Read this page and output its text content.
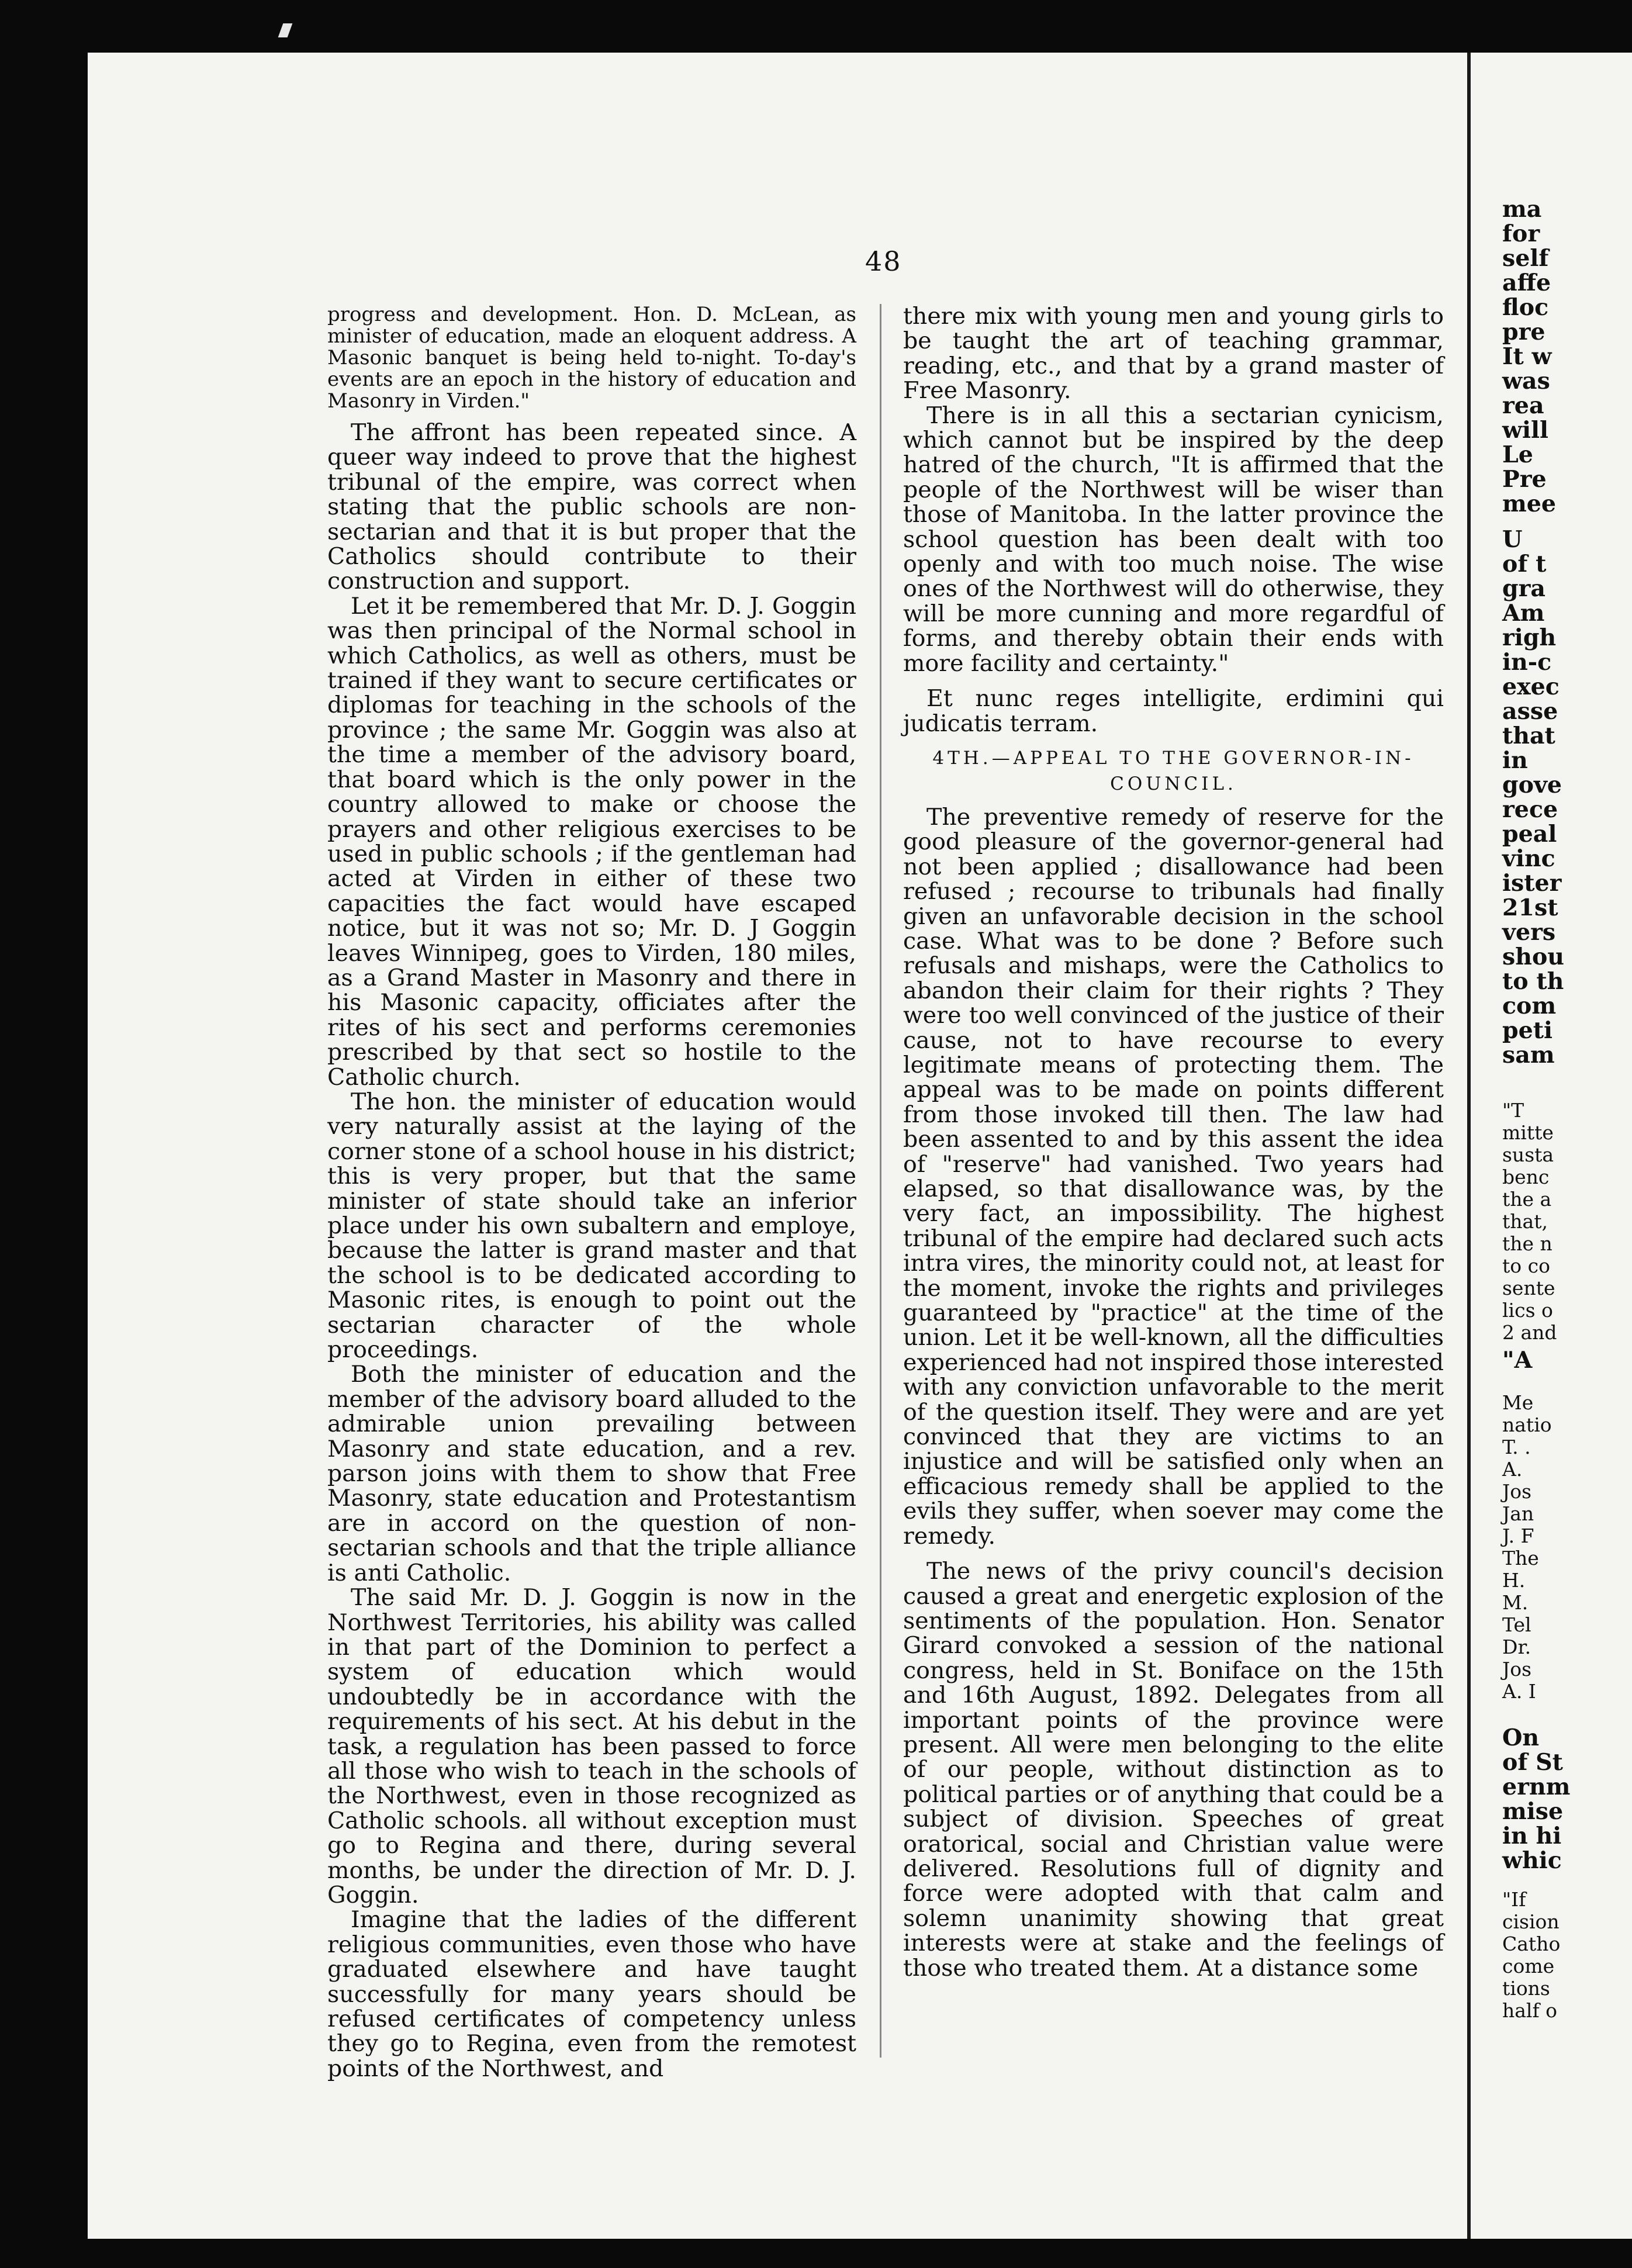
48

progress and development. Hon. D. McLean, as minister of education, made an eloquent address. A Masonic banquet is being held to-night. To-day's events are an epoch in the history of education and Masonry in Virden."

The affront has been repeated since. A queer way indeed to prove that the highest tribunal of the empire, was correct when stating that the public schools are non-sectarian and that it is but proper that the Catholics should contribute to their construction and support.

Let it be remembered that Mr. D. J. Goggin was then principal of the Normal school in which Catholics, as well as others, must be trained if they want to secure certificates or diplomas for teaching in the schools of the province ; the same Mr. Goggin was also at the time a member of the advisory board, that board which is the only power in the country allowed to make or choose the prayers and other religious exercises to be used in public schools ; if the gentleman had acted at Virden in either of these two capacities the fact would have escaped notice, but it was not so; Mr. D. J Goggin leaves Winnipeg, goes to Virden, 180 miles, as a Grand Master in Masonry and there in his Masonic capacity, officiates after the rites of his sect and performs ceremonies prescribed by that sect so hostile to the Catholic church.

The hon. the minister of education would very naturally assist at the laying of the corner stone of a school house in his district; this is very proper, but that the same minister of state should take an inferior place under his own subaltern and employe, because the latter is grand master and that the school is to be dedicated according to Masonic rites, is enough to point out the sectarian character of the whole proceedings.

Both the minister of education and the member of the advisory board alluded to the admirable union prevailing between Masonry and state education, and a rev. parson joins with them to show that Free Masonry, state education and Protestantism are in accord on the question of non-sectarian schools and that the triple alliance is anti Catholic.

The said Mr. D. J. Goggin is now in the Northwest Territories, his ability was called in that part of the Dominion to perfect a system of education which would undoubtedly be in accordance with the requirements of his sect. At his debut in the task, a regulation has been passed to force all those who wish to teach in the schools of the Northwest, even in those recognized as Catholic schools. all without exception must go to Regina and there, during several months, be under the direction of Mr. D. J. Goggin.

Imagine that the ladies of the different religious communities, even those who have graduated elsewhere and have taught successfully for many years should be refused certificates of competency unless they go to Regina, even from the remotest points of the Northwest, and

there mix with young men and young girls to be taught the art of teaching grammar, reading, etc., and that by a grand master of Free Masonry.

There is in all this a sectarian cynicism, which cannot but be inspired by the deep hatred of the church, "It is affirmed that the people of the Northwest will be wiser than those of Manitoba. In the latter province the school question has been dealt with too openly and with too much noise. The wise ones of the Northwest will do otherwise, they will be more cunning and more regardful of forms, and thereby obtain their ends with more facility and certainty."

Et nunc reges intelligite, erdimini qui judicatis terram.

4TH.—APPEAL TO THE GOVERNOR-IN-COUNCIL.

The preventive remedy of reserve for the good pleasure of the governor-general had not been applied ; disallowance had been refused ; recourse to tribunals had finally given an unfavorable decision in the school case. What was to be done ? Before such refusals and mishaps, were the Catholics to abandon their claim for their rights ? They were too well convinced of the justice of their cause, not to have recourse to every legitimate means of protecting them. The appeal was to be made on points different from those invoked till then. The law had been assented to and by this assent the idea of "reserve" had vanished. Two years had elapsed, so that disallowance was, by the very fact, an impossibility. The highest tribunal of the empire had declared such acts intra vires, the minority could not, at least for the moment, invoke the rights and privileges guaranteed by "practice" at the time of the union. Let it be well-known, all the difficulties experienced had not inspired those interested with any conviction unfavorable to the merit of the question itself. They were and are yet convinced that they are victims to an injustice and will be satisfied only when an efficacious remedy shall be applied to the evils they suffer, when soever may come the remedy.

The news of the privy council's decision caused a great and energetic explosion of the sentiments of the population. Hon. Senator Girard convoked a session of the national congress, held in St. Boniface on the 15th and 16th August, 1892. Delegates from all important points of the province were present. All were men belonging to the elite of our people, without distinction as to political parties or of anything that could be a subject of division. Speeches of great oratorical, social and Christian value were delivered. Resolutions full of dignity and force were adopted with that calm and solemn unanimity showing that great interests were at stake and the feelings of those who treated them. At a distance some

ma
for
self
affe
floc
pre
It w
was
rea
will
Le
Pre
mee
U
of t
gra
Am
righ
in-c
exec
asse
that
in
gove
rece
peal
vinc
ister
21st
vers
shou
to th
com
peti
sam
"T
mitte
susta
benc
the a
that,
the n
to co
sente
lics o
2 and
"A
Me
natio
T. .
A.
Jos
Jan
J. F
The
H.
M.
Tel
Dr.
Jos
A. I
On
of St
ernm
mise
in hi
whic
"If
cision
Catho
come
tions
half o
